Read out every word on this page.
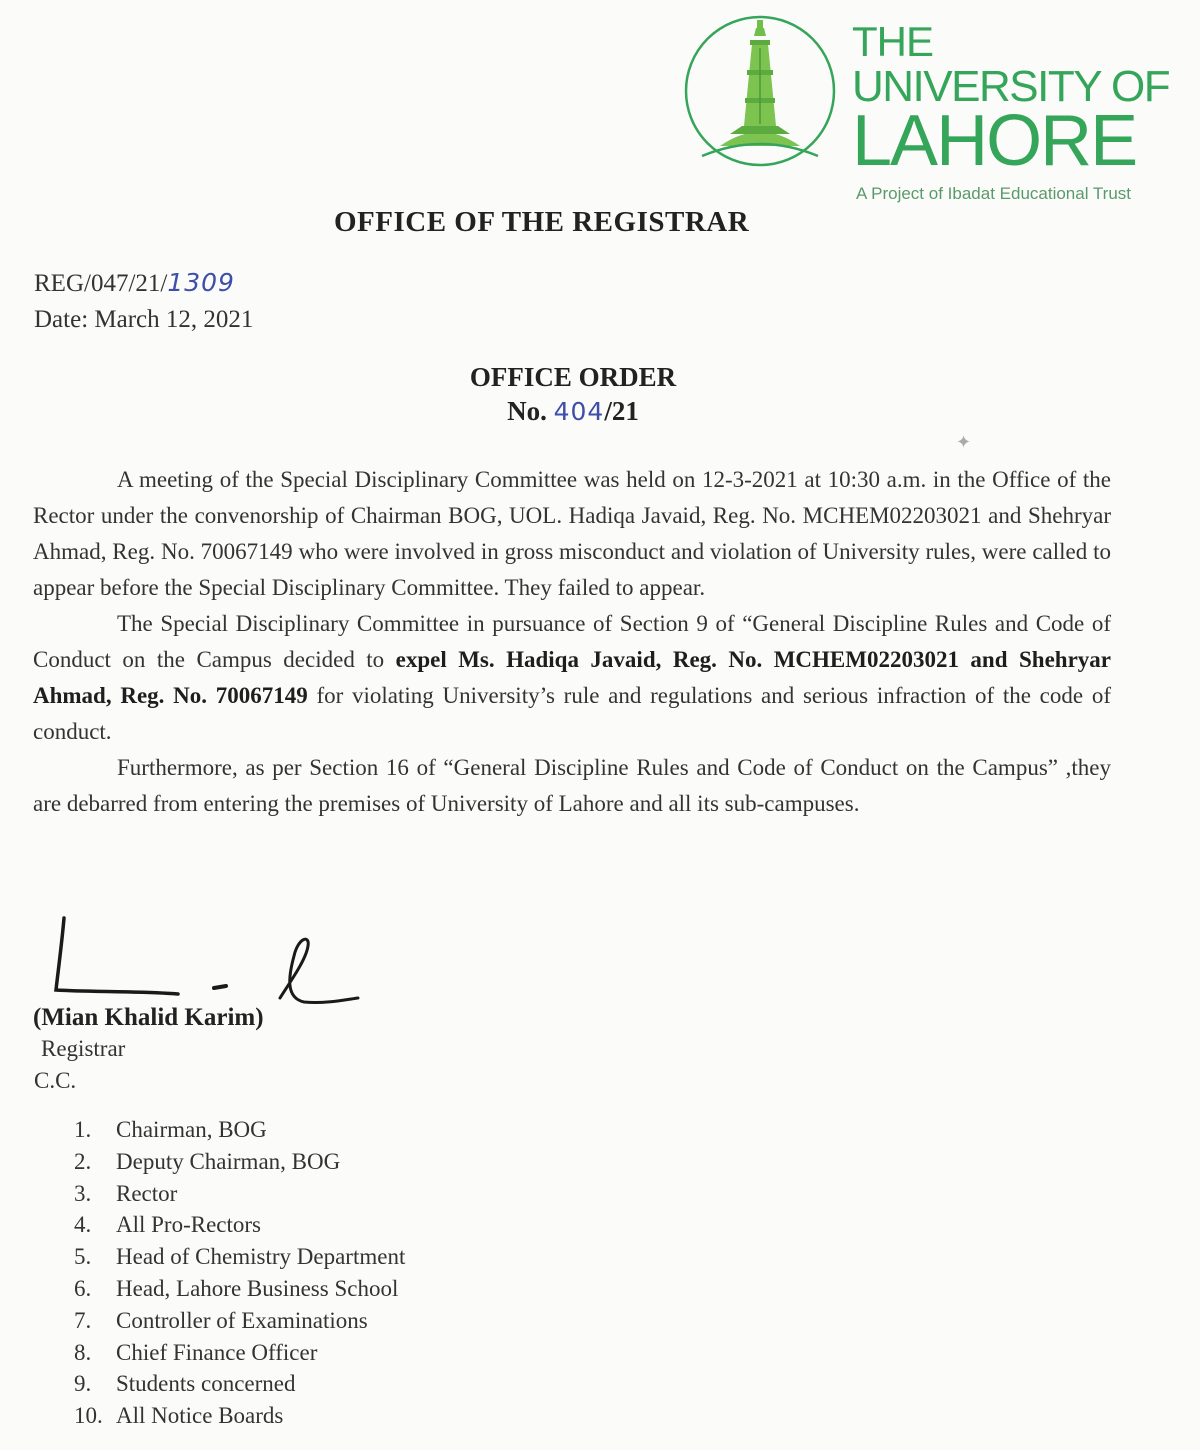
THE
UNIVERSITY OF
LAHORE
A Project of Ibadat Educational Trust
OFFICE OF THE REGISTRAR
REG/047/21/1309
Date: March 12, 2021
OFFICE ORDER
No. 404/21
✦

A meeting of the Special Disciplinary Committee was held on 12-3-2021 at 10:30 a.m. in the Office of the Rector under the convenorship of Chairman BOG, UOL. Hadiqa Javaid, Reg. No. MCHEM02203021 and Shehryar Ahmad, Reg. No. 70067149 who were involved in gross misconduct and violation of University rules, were called to appear before the Special Disciplinary Committee. They failed to appear.

The Special Disciplinary Committee in pursuance of Section 9 of “General Discipline Rules and Code of Conduct on the Campus decided to expel Ms. Hadiqa Javaid, Reg. No. MCHEM02203021 and Shehryar Ahmad, Reg. No. 70067149 for violating University’s rule and regulations and serious infraction of the code of conduct.

Furthermore, as per Section 16 of “General Discipline Rules and Code of Conduct on the Campus” ,they are debarred from entering the premises of University of Lahore and all its sub-campuses.

(Mian Khalid Karim)
Registrar
C.C.
1. Chairman, BOG
2. Deputy Chairman, BOG
3. Rector
4. All Pro-Rectors
5. Head of Chemistry Department
6. Head, Lahore Business School
7. Controller of Examinations
8. Chief Finance Officer
9. Students concerned
10. All Notice Boards
